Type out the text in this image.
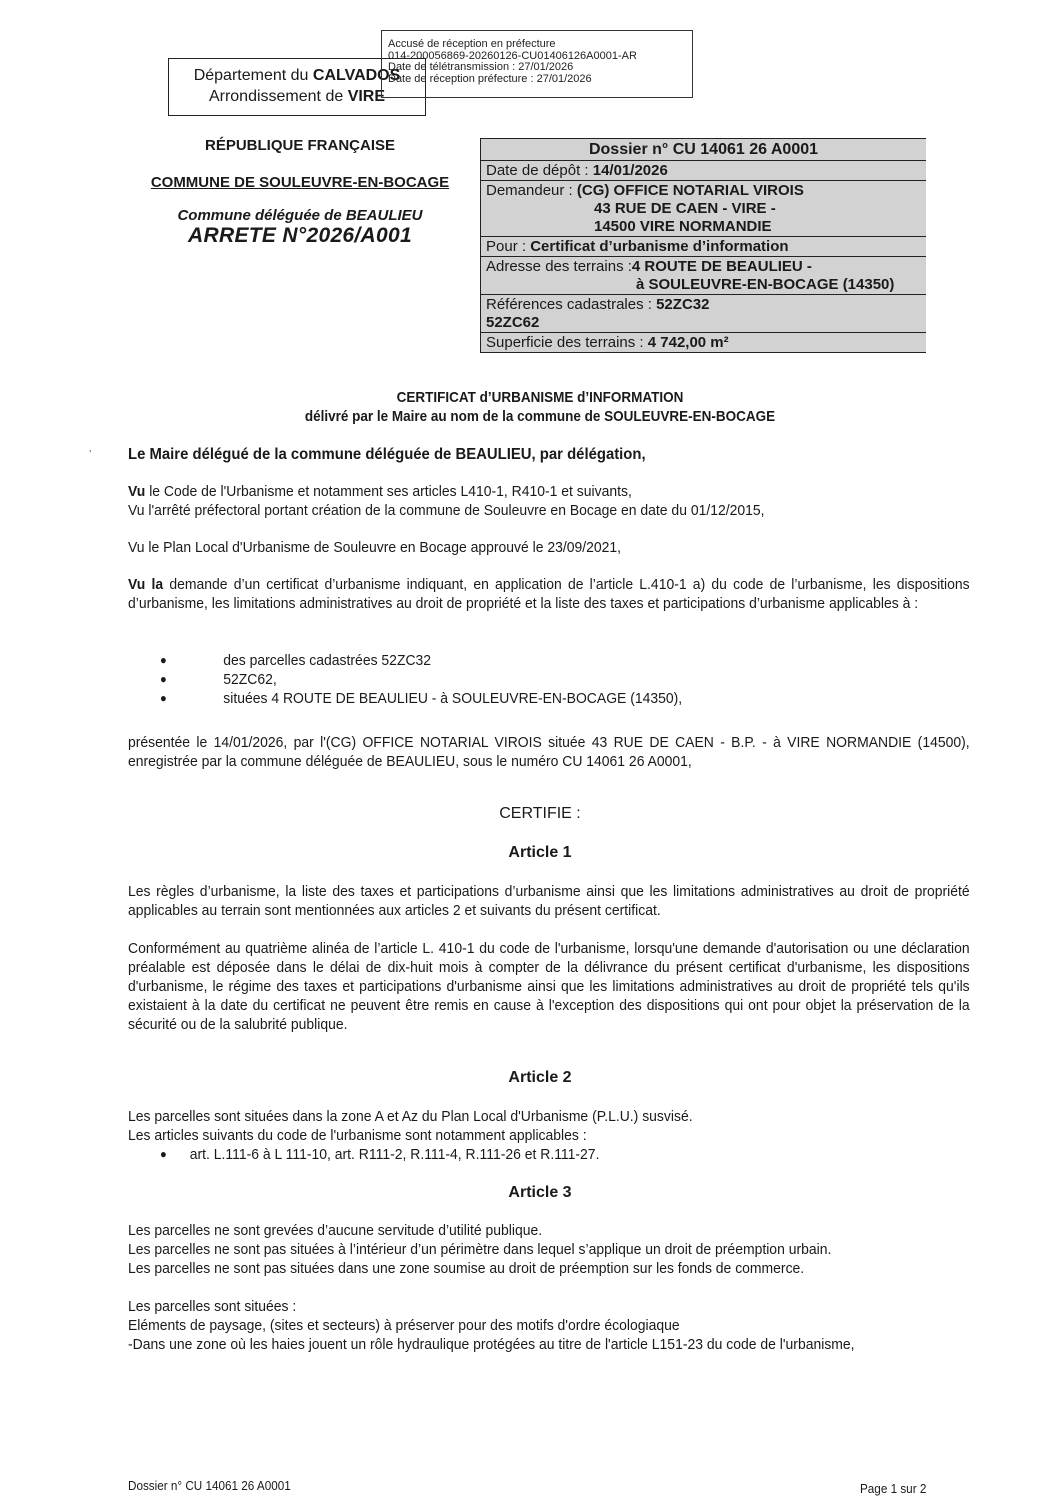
Département du CALVADOS
Arrondissement de VIRE
Accusé de réception en préfecture
014-200056869-20260126-CU01406126A0001-AR
Date de télétransmission : 27/01/2026
Date de réception préfecture : 27/01/2026
RÉPUBLIQUE FRANÇAISE
COMMUNE DE SOULEUVRE-EN-BOCAGE
Commune déléguée de BEAULIEU
ARRETE N°2026/A001
Dossier n° CU 14061 26 A0001
Date de dépôt : 14/01/2026
Demandeur : (CG) OFFICE NOTARIAL VIROIS
43 RUE DE CAEN - VIRE -
14500 VIRE NORMANDIE
Pour : Certificat d’urbanisme d’information
Adresse des terrains :4 ROUTE DE BEAULIEU -
à SOULEUVRE-EN-BOCAGE (14350)
Références cadastrales : 52ZC32
52ZC62
Superficie des terrains : 4 742,00 m²
CERTIFICAT d’URBANISME d’INFORMATION
délivré par le Maire au nom de la commune de SOULEUVRE-EN-BOCAGE
’ Le Maire délégué de la commune déléguée de BEAULIEU, par délégation,

Vu le Code de l'Urbanisme et notamment ses articles L410-1, R410-1 et suivants,

Vu l'arrêté préfectoral portant création de la commune de Souleuvre en Bocage en date du 01/12/2015,

Vu le Plan Local d'Urbanisme de Souleuvre en Bocage approuvé le 23/09/2021,

Vu la demande d’un certificat d’urbanisme indiquant, en application de l’article L.410-1 a) du code de l’urbanisme, les dispositions d’urbanisme, les limitations administratives au droit de propriété et la liste des taxes et participations d’urbanisme applicables à :

●	des parcelles cadastrées 52ZC32
●	52ZC62,
●	situées 4 ROUTE DE BEAULIEU - à SOULEUVRE-EN-BOCAGE (14350),
présentée le 14/01/2026, par l'(CG) OFFICE NOTARIAL VIROIS située 43 RUE DE CAEN - B.P. - à VIRE NORMANDIE (14500), enregistrée par la commune déléguée de BEAULIEU, sous le numéro CU 14061 26 A0001,
CERTIFIE :
Article 1
Les règles d’urbanisme, la liste des taxes et participations d’urbanisme ainsi que les limitations administratives au droit de propriété applicables au terrain sont mentionnées aux articles 2 et suivants du présent certificat.
Conformément au quatrième alinéa de l’article L. 410-1 du code de l'urbanisme, lorsqu'une demande d'autorisation ou une déclaration préalable est déposée dans le délai de dix-huit mois à compter de la délivrance du présent certificat d'urbanisme, les dispositions d'urbanisme, le régime des taxes et participations d'urbanisme ainsi que les limitations administratives au droit de propriété tels qu'ils existaient à la date du certificat ne peuvent être remis en cause à l'exception des dispositions qui ont pour objet la préservation de la sécurité ou de la salubrité publique.
Article 2

Les parcelles sont situées dans la zone A et Az du Plan Local d'Urbanisme (P.L.U.) susvisé.

Les articles suivants du code de l'urbanisme sont notamment applicables :

●	art. L.111-6 à L 111-10, art. R111-2, R.111-4, R.111-26 et R.111-27.
Article 3

Les parcelles ne sont grevées d’aucune servitude d’utilité publique.

Les parcelles ne sont pas situées à l’intérieur d’un périmètre dans lequel s’applique un droit de préemption urbain.

Les parcelles ne sont pas situées dans une zone soumise au droit de préemption sur les fonds de commerce.

Les parcelles sont situées :

Eléments de paysage, (sites et secteurs) à préserver pour des motifs d'ordre écologiaque

-Dans une zone où les haies jouent un rôle hydraulique protégées au titre de l'article L151-23 du code de l'urbanisme,

Dossier n° CU 14061 26 A0001	Page 1 sur 2
